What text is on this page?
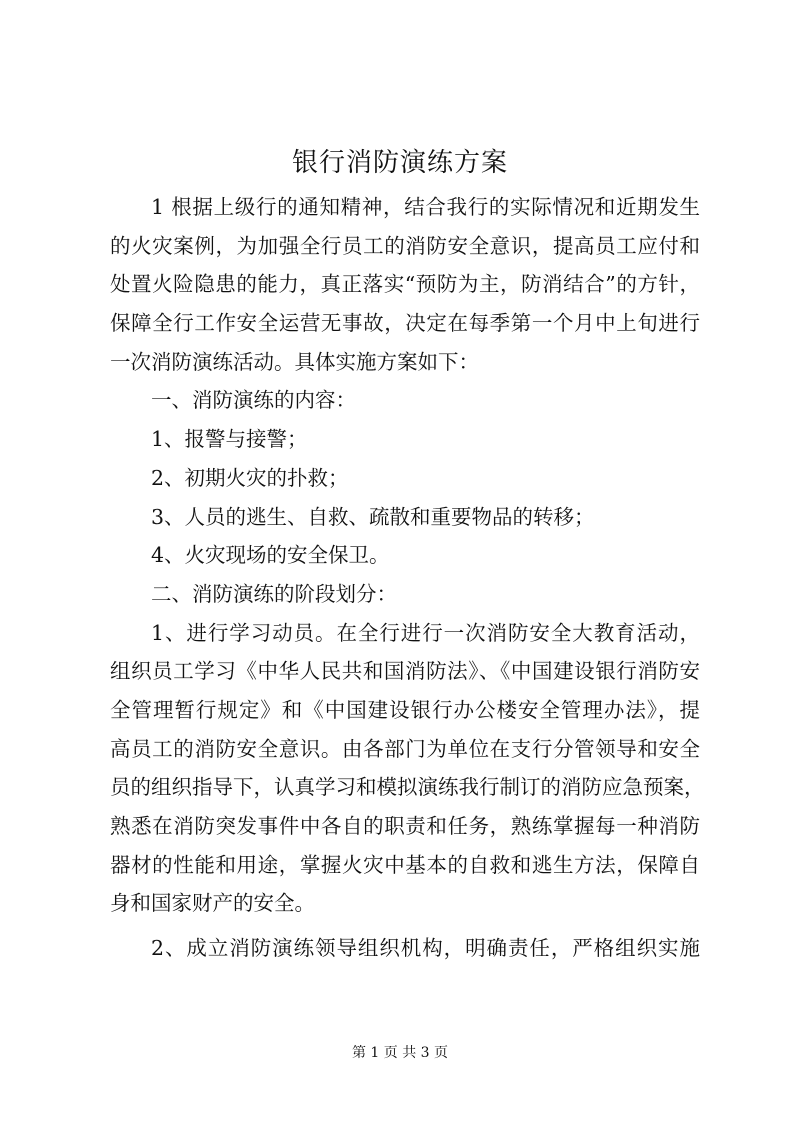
银行消防演练方案
1 根据上级行的通知精神，结合我行的实际情况和近期发生
的火灾案例，为加强全行员工的消防安全意识，提高员工应付和
处置火险隐患的能力，真正落实“预防为主，防消结合”的方针，
保障全行工作安全运营无事故，决定在每季第一个月中上旬进行
一次消防演练活动。具体实施方案如下：
一、消防演练的内容：
1、报警与接警；
2、初期火灾的扑救；
3、人员的逃生、自救、疏散和重要物品的转移；
4、火灾现场的安全保卫。
二、消防演练的阶段划分：
1、进行学习动员。在全行进行一次消防安全大教育活动，
组织员工学习《中华人民共和国消防法》、《中国建设银行消防安
全管理暂行规定》和《中国建设银行办公楼安全管理办法》，提
高员工的消防安全意识。由各部门为单位在支行分管领导和安全
员的组织指导下，认真学习和模拟演练我行制订的消防应急预案，
熟悉在消防突发事件中各自的职责和任务，熟练掌握每一种消防
器材的性能和用途，掌握火灾中基本的自救和逃生方法，保障自
身和国家财产的安全。
2、成立消防演练领导组织机构，明确责任，严格组织实施
第 1 页 共 3 页
